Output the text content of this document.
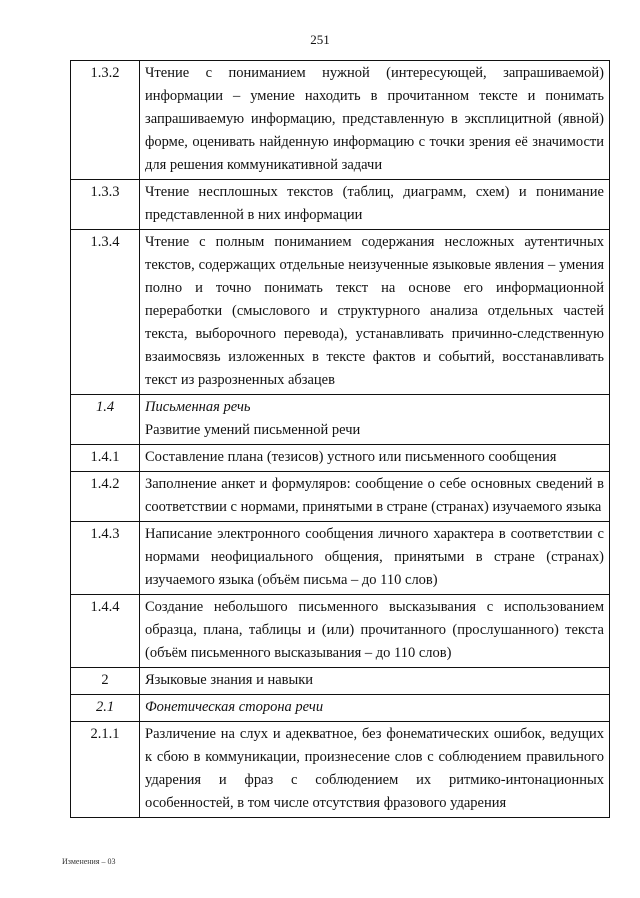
251
1.3.2	Чтение с пониманием нужной (интересующей, запрашиваемой) информации – умение находить в прочитанном тексте и понимать запрашиваемую информацию, представленную в эксплицитной (явной) форме, оценивать найденную информацию с точки зрения её значимости для решения коммуникативной задачи
1.3.3	Чтение несплошных текстов (таблиц, диаграмм, схем) и понимание представленной в них информации
1.3.4	Чтение с полным пониманием содержания несложных аутентичных текстов, содержащих отдельные неизученные языковые явления – умения полно и точно понимать текст на основе его информационной переработки (смыслового и структурного анализа отдельных частей текста, выборочного перевода), устанавливать причинно-следственную взаимосвязь изложенных в тексте фактов и событий, восстанавливать текст из разрозненных абзацев
1.4	Письменная речь
Развитие умений письменной речи

1.4.1	Составление плана (тезисов) устного или письменного сообщения
1.4.2	Заполнение анкет и формуляров: сообщение о себе основных сведений в соответствии с нормами, принятыми в стране (странах) изучаемого языка
1.4.3	Написание электронного сообщения личного характера в соответствии с нормами неофициального общения, принятыми в стране (странах) изучаемого языка (объём письма – до 110 слов)
1.4.4	Создание небольшого письменного высказывания с использованием образца, плана, таблицы и (или) прочитанного (прослушанного) текста (объём письменного высказывания – до 110 слов)
2	Языковые знания и навыки
2.1	Фонетическая сторона речи
2.1.1	Различение на слух и адекватное, без фонематических ошибок, ведущих к сбою в коммуникации, произнесение слов с соблюдением правильного ударения и фраз с соблюдением их ритмико-интонационных особенностей, в том числе отсутствия фразового ударения
Изменения – 03
